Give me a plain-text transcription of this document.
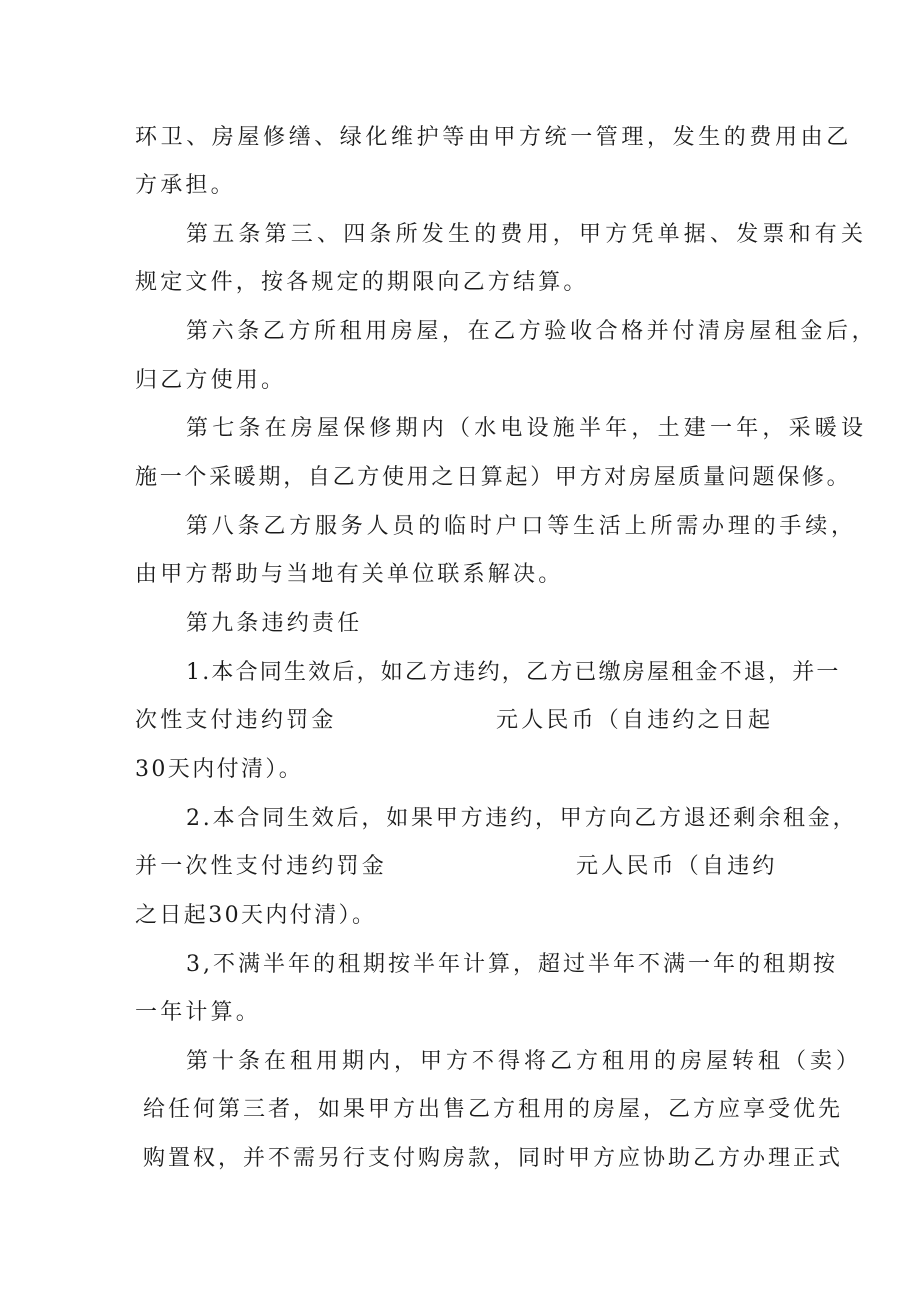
环卫、房屋修缮、绿化维护等由甲方统一管理，发生的费用由乙
方承担。
第五条第三、四条所发生的费用，甲方凭单据、发票和有关
规定文件，按各规定的期限向乙方结算。
第六条乙方所租用房屋，在乙方验收合格并付清房屋租金后，
归乙方使用。
第七条在房屋保修期内（水电设施半年，土建一年，采暖设
施一个采暖期，自乙方使用之日算起）甲方对房屋质量问题保修。
第八条乙方服务人员的临时户口等生活上所需办理的手续，
由甲方帮助与当地有关单位联系解决。
第九条违约责任
1.本合同生效后，如乙方违约，乙方已缴房屋租金不退，并一
次性支付违约罚金	元人民币（自违约之日起
30天内付清）。
2.本合同生效后，如果甲方违约，甲方向乙方退还剩余租金，
并一次性支付违约罚金	元人民币（自违约
之日起30天内付清）。
3,不满半年的租期按半年计算，超过半年不满一年的租期按
一年计算。
第十条在租用期内，甲方不得将乙方租用的房屋转租（卖）
给任何第三者，如果甲方出售乙方租用的房屋，乙方应享受优先
购置权，并不需另行支付购房款，同时甲方应协助乙方办理正式
